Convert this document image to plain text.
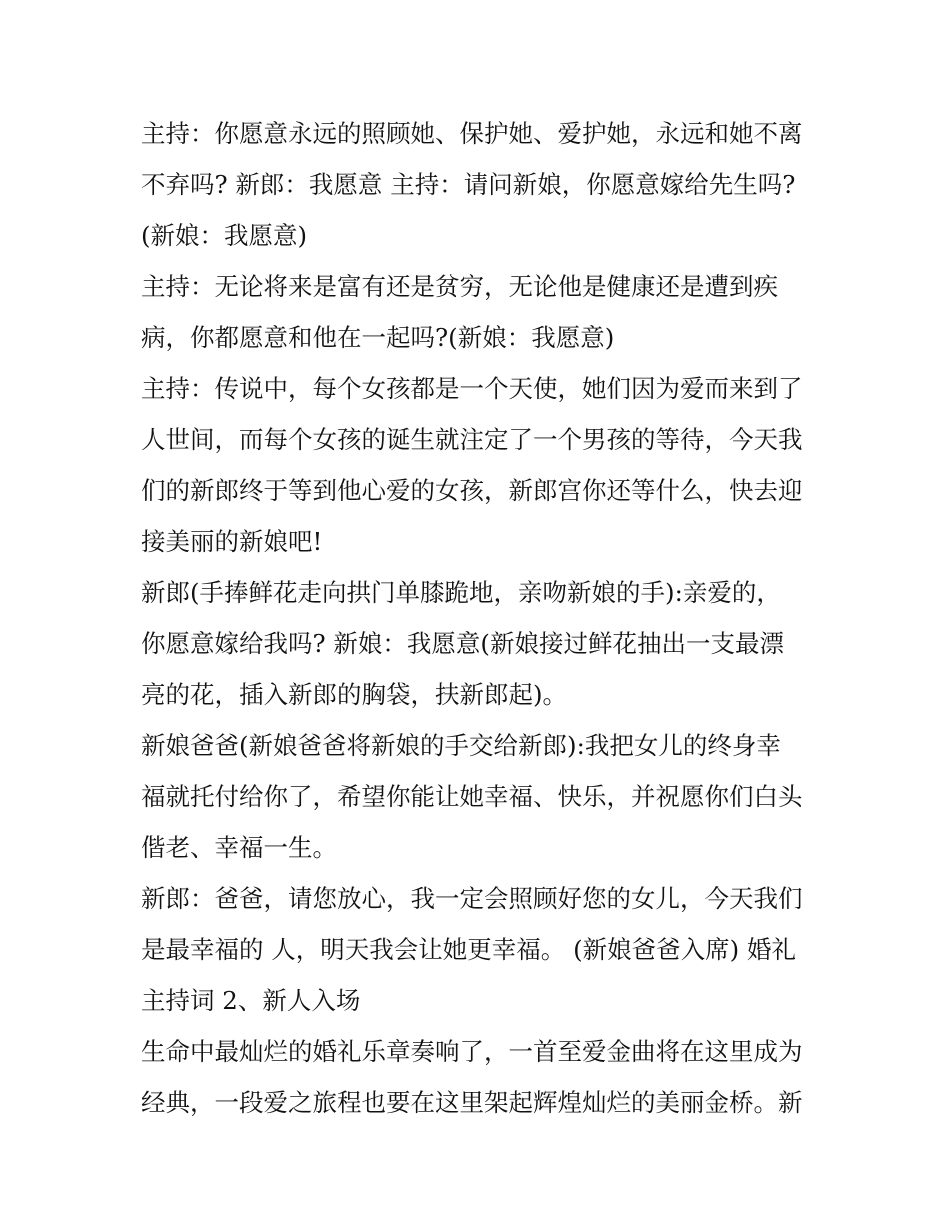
主持：你愿意永远的照顾她、保护她、爱护她，永远和她不离
不弃吗? 新郎：我愿意 主持：请问新娘，你愿意嫁给先生吗?
(新娘：我愿意)
主持：无论将来是富有还是贫穷，无论他是健康还是遭到疾
病，你都愿意和他在一起吗?(新娘：我愿意)
主持：传说中，每个女孩都是一个天使，她们因为爱而来到了
人世间，而每个女孩的诞生就注定了一个男孩的等待，今天我
们的新郎终于等到他心爱的女孩，新郎宫你还等什么，快去迎
接美丽的新娘吧!
新郎(手捧鲜花走向拱门单膝跪地，亲吻新娘的手):亲爱的，
你愿意嫁给我吗? 新娘：我愿意(新娘接过鲜花抽出一支最漂
亮的花，插入新郎的胸袋，扶新郎起)。
新娘爸爸(新娘爸爸将新娘的手交给新郎):我把女儿的终身幸
福就托付给你了，希望你能让她幸福、快乐，并祝愿你们白头
偕老、幸福一生。
新郎：爸爸，请您放心，我一定会照顾好您的女儿，今天我们
是最幸福的 人，明天我会让她更幸福。 (新娘爸爸入席) 婚礼
主持词 2、新人入场
生命中最灿烂的婚礼乐章奏响了，一首至爱金曲将在这里成为
经典，一段爱之旅程也要在这里架起辉煌灿烂的美丽金桥。新
